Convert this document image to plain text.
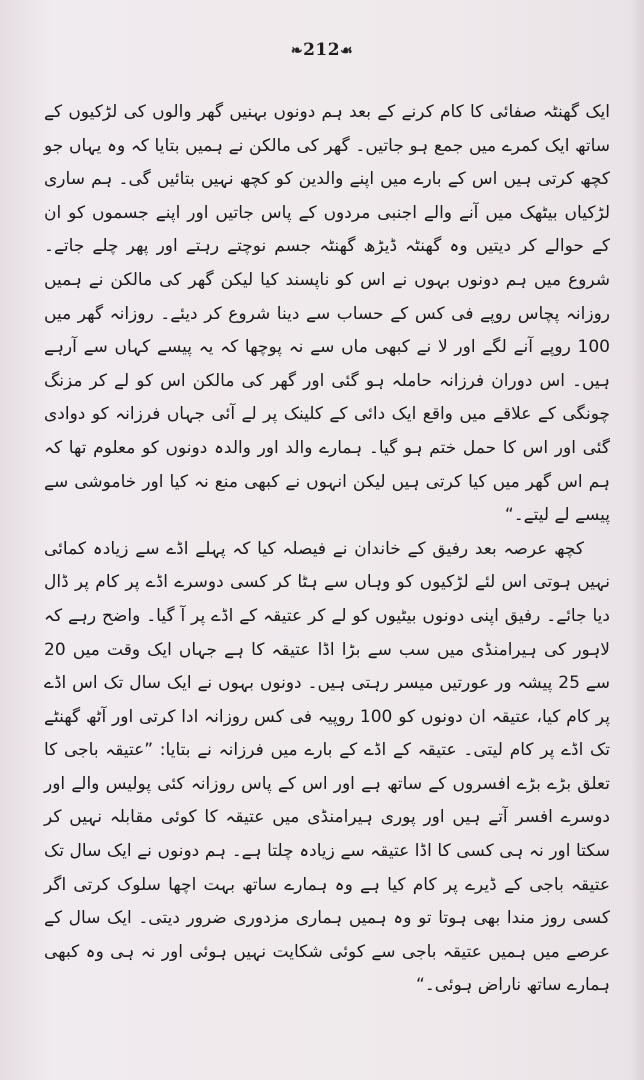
❧212☙

ایک گھنٹہ صفائی کا کام کرنے کے بعد ہم دونوں بہنیں گھر والوں کی لڑکیوں کے ساتھ ایک کمرے میں جمع ہو جاتیں۔ گھر کی مالکن نے ہمیں بتایا کہ وہ یہاں جو کچھ کرتی ہیں اس کے بارے میں اپنے والدین کو کچھ نہیں بتائیں گی۔ ہم ساری لڑکیاں بیٹھک میں آنے والے اجنبی مردوں کے پاس جاتیں اور اپنے جسموں کو ان کے حوالے کر دیتیں وہ گھنٹہ ڈیڑھ گھنٹہ جسم نوچتے رہتے اور پھر چلے جاتے۔ شروع میں ہم دونوں بہوں نے اس کو ناپسند کیا لیکن گھر کی مالکن نے ہمیں روزانہ پچاس روپے فی کس کے حساب سے دینا شروع کر دیئے۔ روزانہ گھر میں 100 روپے آنے لگے اور لا نے کبھی ماں سے نہ پوچھا کہ یہ پیسے کہاں سے آرہے ہیں۔ اس دوران فرزانہ حاملہ ہو گئی اور گھر کی مالکن اس کو لے کر مزنگ چونگی کے علاقے میں واقع ایک دائی کے کلینک پر لے آئی جہاں فرزانہ کو دوادی گئی اور اس کا حمل ختم ہو گیا۔ ہمارے والد اور والدہ دونوں کو معلوم تھا کہ ہم اس گھر میں کیا کرتی ہیں لیکن انہوں نے کبھی منع نہ کیا اور خاموشی سے پیسے لے لیتے۔“

کچھ عرصہ بعد رفیق کے خاندان نے فیصلہ کیا کہ پہلے اڈے سے زیادہ کمائی نہیں ہوتی اس لئے لڑکیوں کو وہاں سے ہٹا کر کسی دوسرے اڈے پر کام پر ڈال دیا جائے۔ رفیق اپنی دونوں بیٹیوں کو لے کر عتیقہ کے اڈے پر آ گیا۔ واضح رہے کہ لاہور کی ہیرامنڈی میں سب سے بڑا اڈا عتیقہ کا ہے جہاں ایک وقت میں 20 سے 25 پیشہ ور عورتیں میسر رہتی ہیں۔ دونوں بہوں نے ایک سال تک اس اڈے پر کام کیا، عتیقہ ان دونوں کو 100 روپیہ فی کس روزانہ ادا کرتی اور آٹھ گھنٹے تک اڈے پر کام لیتی۔ عتیقہ کے اڈے کے بارے میں فرزانہ نے بتایا: ”عتیقہ باجی کا تعلق بڑے بڑے افسروں کے ساتھ ہے اور اس کے پاس روزانہ کئی پولیس والے اور دوسرے افسر آتے ہیں اور پوری ہیرامنڈی میں عتیقہ کا کوئی مقابلہ نہیں کر سکتا اور نہ ہی کسی کا اڈا عتیقہ سے زیادہ چلتا ہے۔ ہم دونوں نے ایک سال تک عتیقہ باجی کے ڈیرے پر کام کیا ہے وہ ہمارے ساتھ بہت اچھا سلوک کرتی اگر کسی روز مندا بھی ہوتا تو وہ ہمیں ہماری مزدوری ضرور دیتی۔ ایک سال کے عرصے میں ہمیں عتیقہ باجی سے کوئی شکایت نہیں ہوئی اور نہ ہی وہ کبھی ہمارے ساتھ ناراض ہوئی۔“
